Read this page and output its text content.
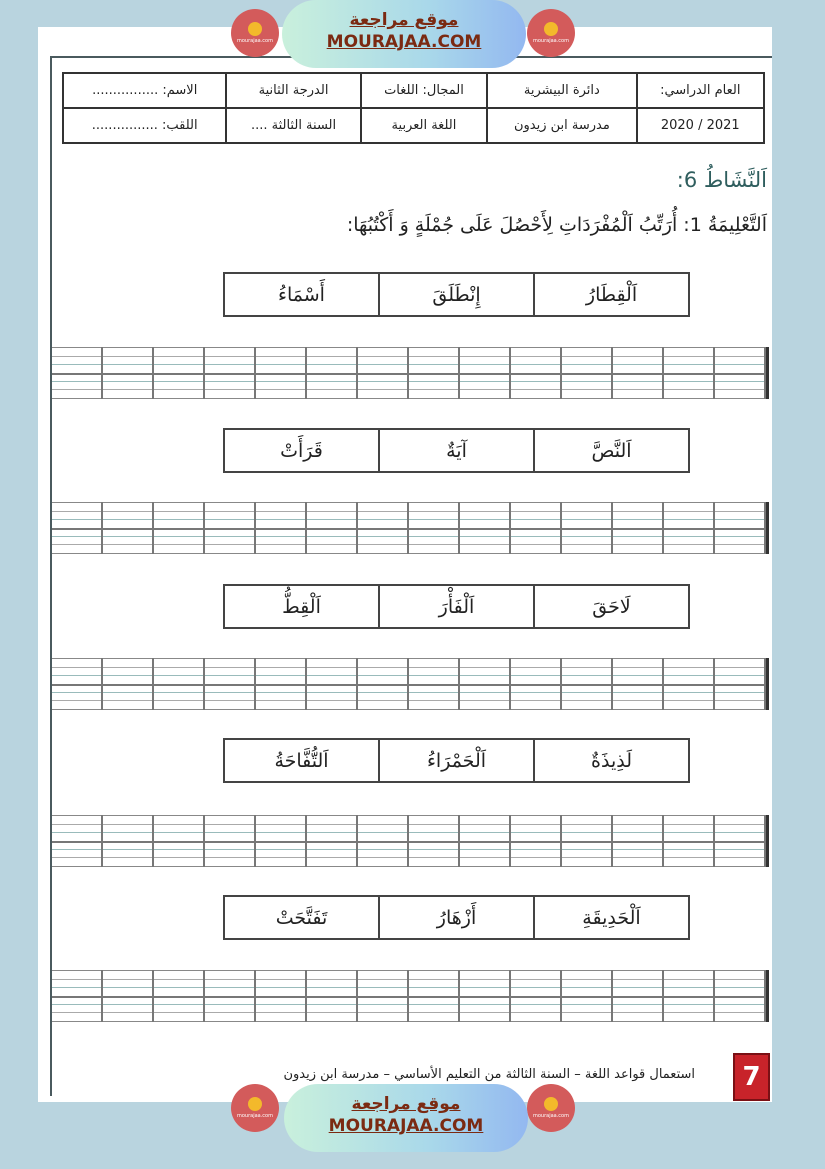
mourajaa.com	mourajaa.com
موقع مراجعة
MOURAJAA.COM
العام الدراسي:	دائرة البيشرية	المجال: اللغات	الدرجة الثانية	الاسم: ................
2021 / 2020	مدرسة ابن زيدون	اللغة العربية	السنة الثالثة ....	اللقب: ................
اَلنَّشَاطُ 6:
اَلتَّعْلِيمَةُ 1: أُرَتِّبُ اَلْمُفْرَدَاتِ لِأَحْصُلَ عَلَى جُمْلَةٍ وَ أَكْتُبُهَا:
اَلْقِطَارُ
إِنْطَلَقَ
أَسْمَاءُ
اَلنَّصَّ
آيَةٌ
قَرَأَتْ
لَاحَقَ
اَلْفَأْرَ
اَلْقِطُّ
لَذِيذَةٌ
اَلْحَمْرَاءُ
اَلتُّفَّاحَةُ
اَلْحَدِيقَةِ
أَزْهَارُ
تَفَتَّحَتْ
استعمال قواعد اللغة – السنة الثالثة من التعليم الأساسي – مدرسة ابن زيدون	7
mourajaa.com	mourajaa.com
موقع مراجعة
MOURAJAA.COM
